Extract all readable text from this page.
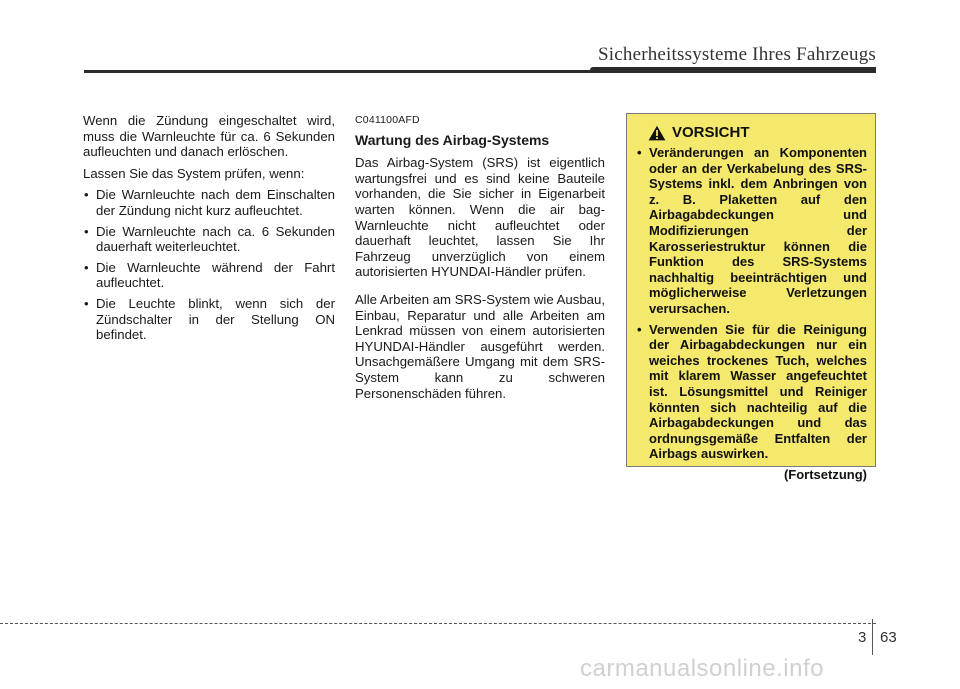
Sicherheitssysteme Ihres Fahrzeugs

Wenn die Zündung eingeschaltet wird, muss die Warnleuchte für ca. 6 Sekunden aufleuchten und danach erlöschen.

Lassen Sie das System prüfen, wenn:

• Die Warnleuchte nach dem Einschalten der Zündung nicht kurz aufleuchtet.
• Die Warnleuchte nach ca. 6 Sekunden dauerhaft weiterleuchtet.
• Die Warnleuchte während der Fahrt aufleuchtet.
• Die Leuchte blinkt, wenn sich der Zündschalter in der Stellung ON befindet.
C041100AFD
Wartung des Airbag-Systems

Das Airbag-System (SRS) ist eigentlich wartungsfrei und es sind keine Bauteile vorhanden, die Sie sicher in Eigenarbeit warten können. Wenn die air bag-Warnleuchte nicht aufleuchtet oder dauerhaft leuchtet, lassen Sie Ihr Fahrzeug unverzüglich von einem autorisierten HYUNDAI-Händler prüfen.

Alle Arbeiten am SRS-System wie Ausbau, Einbau, Reparatur und alle Arbeiten am Lenkrad müssen von einem autorisierten HYUNDAI-Händler ausgeführt werden. Unsachgemäßere Umgang mit dem SRS-System kann zu schweren Personenschäden führen.

VORSICHT
• Veränderungen an Komponenten oder an der Verkabelung des SRS-Systems inkl. dem Anbringen von z. B. Plaketten auf den Airbagabdeckungen und Modifizierungen der Karosseriestruktur können die Funktion des SRS-Systems nachhaltig beeinträchtigen und möglicherweise Verletzungen verursachen.
• Verwenden Sie für die Reinigung der Airbagabdeckungen nur ein weiches trockenes Tuch, welches mit klarem Wasser angefeuchtet ist. Lösungsmittel und Reiniger könnten sich nachteilig auf die Airbagabdeckungen und das ordnungsgemäße Entfalten der Airbags auswirken.
(Fortsetzung)
3 63
carmanualsonline.info
